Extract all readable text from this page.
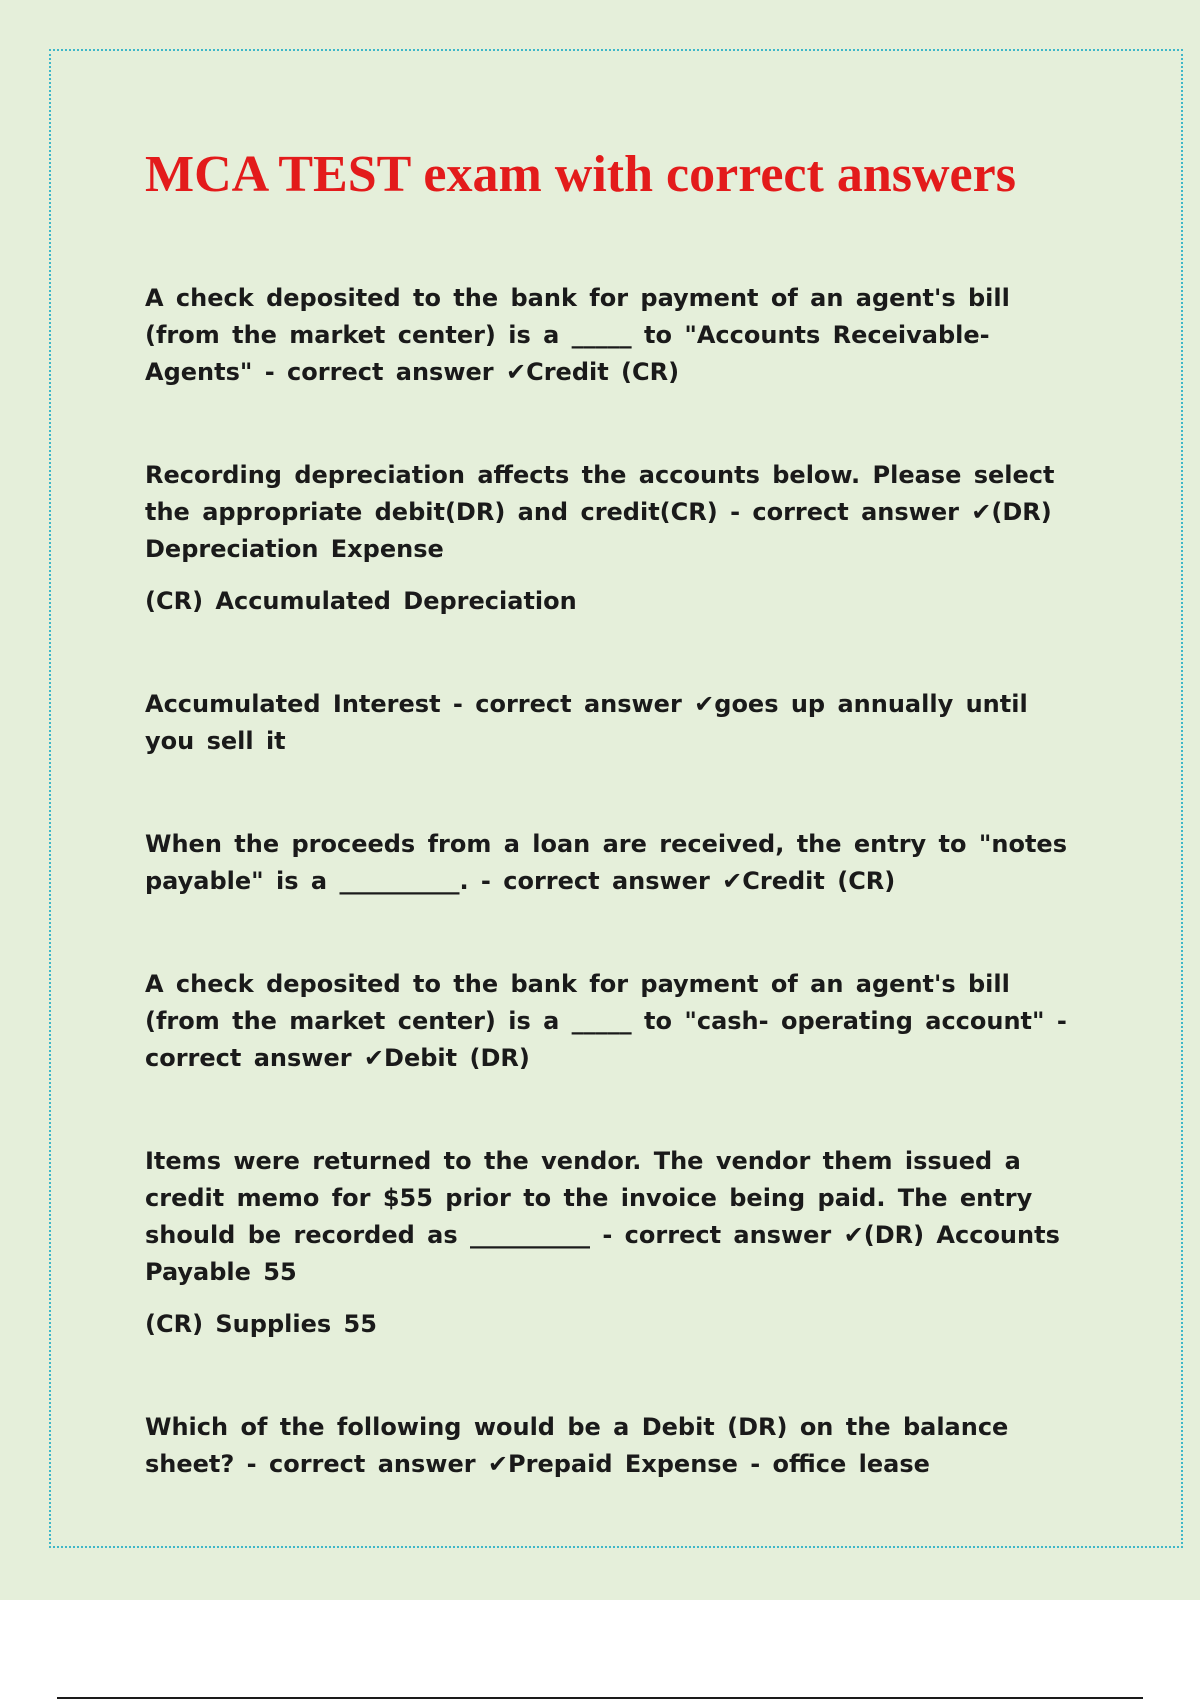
MCA TEST exam with correct answers

A check deposited to the bank for payment of an agent's bill (from the market center) is a _____ to "Accounts Receivable- Agents" - correct answer ✔Credit (CR)

Recording depreciation affects the accounts below. Please select the appropriate debit(DR) and credit(CR) - correct answer ✔(DR) Depreciation Expense

(CR) Accumulated Depreciation

Accumulated Interest - correct answer ✔goes up annually until you sell it

When the proceeds from a loan are received, the entry to "notes payable" is a __________. - correct answer ✔Credit (CR)

A check deposited to the bank for payment of an agent's bill (from the market center) is a _____ to "cash- operating account" - correct answer ✔Debit (DR)

Items were returned to the vendor. The vendor them issued a credit memo for $55 prior to the invoice being paid. The entry should be recorded as __________ - correct answer ✔(DR) Accounts Payable 55

(CR) Supplies 55

Which of the following would be a Debit (DR) on the balance sheet? - correct answer ✔Prepaid Expense - office lease
